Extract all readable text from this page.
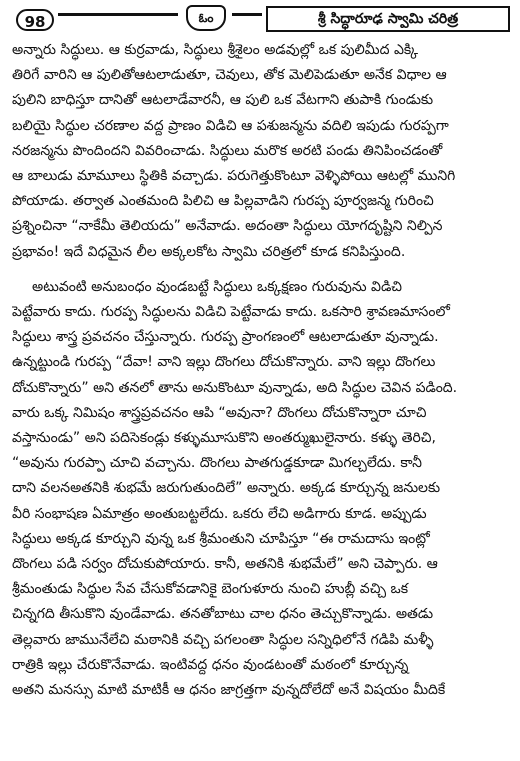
98	ఓం	శ్రీ సిద్ధారూఢ స్వామి చరిత్ర

అన్నారు సిద్ధులు. ఆ కుర్రవాడు, సిద్ధులు శ్రీశైలం అడవుల్లో ఒక పులిమీద ఎక్కి
తిరిగే వారిని ఆ పులితోఆటలాడుతూ, చెవులు, తోక మెలిపెడుతూ అనేక విధాల ఆ
పులిని బాధిస్తూ దానితో ఆటలాడేవారనీ, ఆ పులి ఒక వేటగాని తుపాకి గుండుకు
బలియై సిద్ధుల చరణాల వద్ద ప్రాణం విడిచి ఆ పశుజన్మను వదిలి ఇపుడు గురప్పగా
నరజన్మను పొందిందని వివరించాడు. సిద్ధులు మరొక అరటి పండు తినిపించడంతో
ఆ బాలుడు మామూలు స్థితికి వచ్చాడు. పరుగెత్తుకొంటూ వెళ్ళిపోయి ఆటల్లో మునిగి
పోయాడు. తర్వాత ఎంతమంది పిలిచి ఆ పిల్లవాడిని గురప్ప పూర్వజన్మ గురించి
ప్రశ్నించినా “నాకేమీ తెలియదు” అనేవాడు. అదంతా సిద్ధులు యోగదృష్టిని నిల్పిన
ప్రభావం! ఇదే విధమైన లీల అక్కలకోట స్వామి చరిత్రలో కూడ కనిపిస్తుంది.

అటువంటి అనుబంధం వుండబట్టే సిద్ధులు ఒక్కక్షణం గురువును విడిచి
పెట్టేవారు కాదు. గురప్ప సిద్ధులను విడిచి పెట్టేవాడు కాదు. ఒకసారి శ్రావణమాసంలో
సిద్ధులు శాస్త్ర ప్రవచనం చేస్తున్నారు. గురప్ప ప్రాంగణంలో ఆటలాడుతూ వున్నాడు.
ఉన్నట్టుండి గురప్ప “దేవా! వాని ఇల్లు దొంగలు దోచుకొన్నారు. వాని ఇల్లు దొంగలు
దోచుకొన్నారు” అని తనలో తాను అనుకొంటూ వున్నాడు, అది సిద్ధుల చెవిన పడింది.
వారు ఒక్క నిమిషం శాస్త్రప్రవచనం ఆపి “అవునా? దొంగలు దోచుకొన్నారా చూచి
వస్తానుండు” అని పదిసెకండ్లు కళ్ళుమూసుకొని అంతర్ముఖులైనారు. కళ్ళు తెరిచి,
“అవును గురప్పా చూచి వచ్చాను. దొంగలు పాతగుడ్డకూడా మిగల్చలేదు. కానీ
దాని వలనఅతనికి శుభమే జరుగుతుందిలే” అన్నారు. అక్కడ కూర్చున్న జనులకు
వీరి సంభాషణ ఏమాత్రం అంతుబట్టలేదు. ఒకరు లేచి అడిగారు కూడ. అప్పుడు
సిద్ధులు అక్కడ కూర్చుని వున్న ఒక శ్రీమంతుని చూపిస్తూ “ఈ రామదాసు ఇంట్లో
దొంగలు పడి సర్వం దోచుకుపోయారు. కానీ, అతనికి శుభమేలే” అని చెప్పారు. ఆ
శ్రీమంతుడు సిద్ధుల సేవ చేసుకోవడానికై బెంగుళూరు నుంచి హుబ్లీ వచ్చి ఒక
చిన్నగది తీసుకొని వుండేవాడు. తనతోబాటు చాల ధనం తెచ్చుకొన్నాడు. అతడు
తెల్లవారు జామునేలేచి మఠానికి వచ్చి పగలంతా సిద్ధుల సన్నిధిలోనే గడిపి మళ్ళీ
రాత్రికి ఇల్లు చేరుకొనేవాడు. ఇంటివద్ద ధనం వుండటంతో మఠంలో కూర్చున్న
అతని మనస్సు మాటి మాటికీ ఆ ధనం జాగ్రత్తగా వున్నదోలేదో అనే విషయం మీదికే
